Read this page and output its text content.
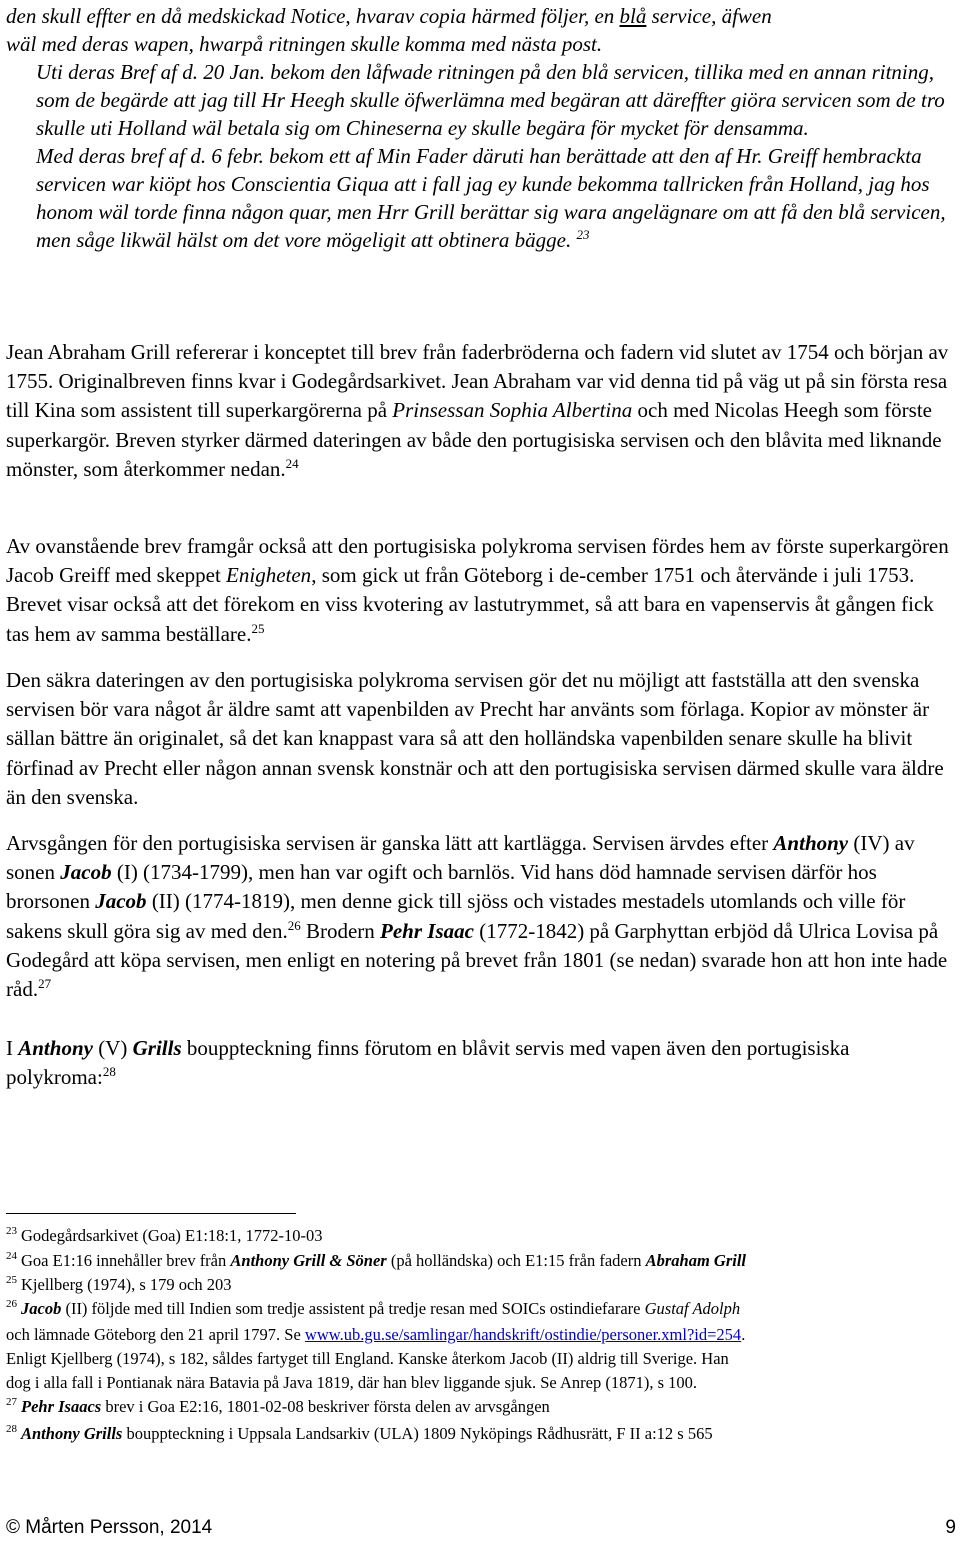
den skull effter en då medskickad Notice, hvarav copia härmed följer, en blå service, äfwen
wäl med deras wapen, hwarpå ritningen skulle komma med nästa post.
Uti deras Bref af d. 20 Jan. bekom den låfwade ritningen på den blå servicen, tillika med en annan ritning, som de begärde att jag till Hr Heegh skulle öfwerlämna med begäran att däreffter giöra servicen som de tro skulle uti Holland wäl betala sig om Chineserna ey skulle begära för mycket för densamma.
Med deras bref af d. 6 febr. bekom ett af Min Fader däruti han berättade att den af Hr. Greiff hembrackta servicen war kiöpt hos Conscientia Giqua att i fall jag ey kunde bekomma tallricken från Holland, jag hos honom wäl torde finna någon quar, men Hrr Grill berättar sig wara angelägnare om att få den blå servicen, men såge likwäl hälst om det vore mögeligit att obtinera bägge. $^{23}$

Jean Abraham Grill refererar i konceptet till brev från faderbröderna och fadern vid slutet av 1754 och början av 1755. Originalbreven finns kvar i Godegårdsarkivet. Jean Abraham var vid denna tid på väg ut på sin första resa till Kina som assistent till superkargörerna på Prinsessan Sophia Albertina och med Nicolas Heegh som förste superkargör. Breven styrker därmed dateringen av både den portugisiska servisen och den blåvita med liknande mönster, som återkommer nedan.$^{24}$

Av ovanstående brev framgår också att den portugisiska polykroma servisen fördes hem av förste superkargören Jacob Greiff med skeppet Enigheten, som gick ut från Göteborg i de-cember 1751 och återvände i juli 1753. Brevet visar också att det förekom en viss kvotering av lastutrymmet, så att bara en vapenservis åt gången fick tas hem av samma beställare.$^{25}$

Den säkra dateringen av den portugisiska polykroma servisen gör det nu möjligt att fastställa att den svenska servisen bör vara något år äldre samt att vapenbilden av Precht har använts som förlaga. Kopior av mönster är sällan bättre än originalet, så det kan knappast vara så att den holländska vapenbilden senare skulle ha blivit förfinad av Precht eller någon annan svensk konstnär och att den portugisiska servisen därmed skulle vara äldre än den svenska.

Arvsgången för den portugisiska servisen är ganska lätt att kartlägga. Servisen ärvdes efter Anthony (IV) av sonen Jacob (I) (1734-1799), men han var ogift och barnlös. Vid hans död hamnade servisen därför hos brorsonen Jacob (II) (1774-1819), men denne gick till sjöss och vistades mestadels utomlands och ville för sakens skull göra sig av med den.$^{26}$ Brodern Pehr Isaac (1772-1842) på Garphyttan erbjöd då Ulrica Lovisa på Godegård att köpa servisen, men enligt en notering på brevet från 1801 (se nedan) svarade hon att hon inte hade råd.$^{27}$

I Anthony (V) Grills bouppteckning finns förutom en blåvit servis med vapen även den portugisiska polykroma:$^{28}$

$^{23}$ Godegårdsarkivet (Goa) E1:18:1, 1772-10-03
$^{24}$ Goa E1:16 innehåller brev från Anthony Grill & Söner (på holländska) och E1:15 från fadern Abraham Grill
$^{25}$ Kjellberg (1974), s 179 och 203
$^{26}$ Jacob (II) följde med till Indien som tredje assistent på tredje resan med SOICs ostindiefarare Gustaf Adolph
och lämnade Göteborg den 21 april 1797. Se www.ub.gu.se/samlingar/handskrift/ostindie/personer.xml?id=254.
Enligt Kjellberg (1974), s 182, såldes fartyget till England. Kanske återkom Jacob (II) aldrig till Sverige. Han
dog i alla fall i Pontianak nära Batavia på Java 1819, där han blev liggande sjuk. Se Anrep (1871), s 100.
$^{27}$ Pehr Isaacs brev i Goa E2:16, 1801-02-08 beskriver första delen av arvsgången
$^{28}$ Anthony Grills bouppteckning i Uppsala Landsarkiv (ULA) 1809 Nyköpings Rådhusrätt, F II a:12 s 565
© Mårten Persson, 2014	9
